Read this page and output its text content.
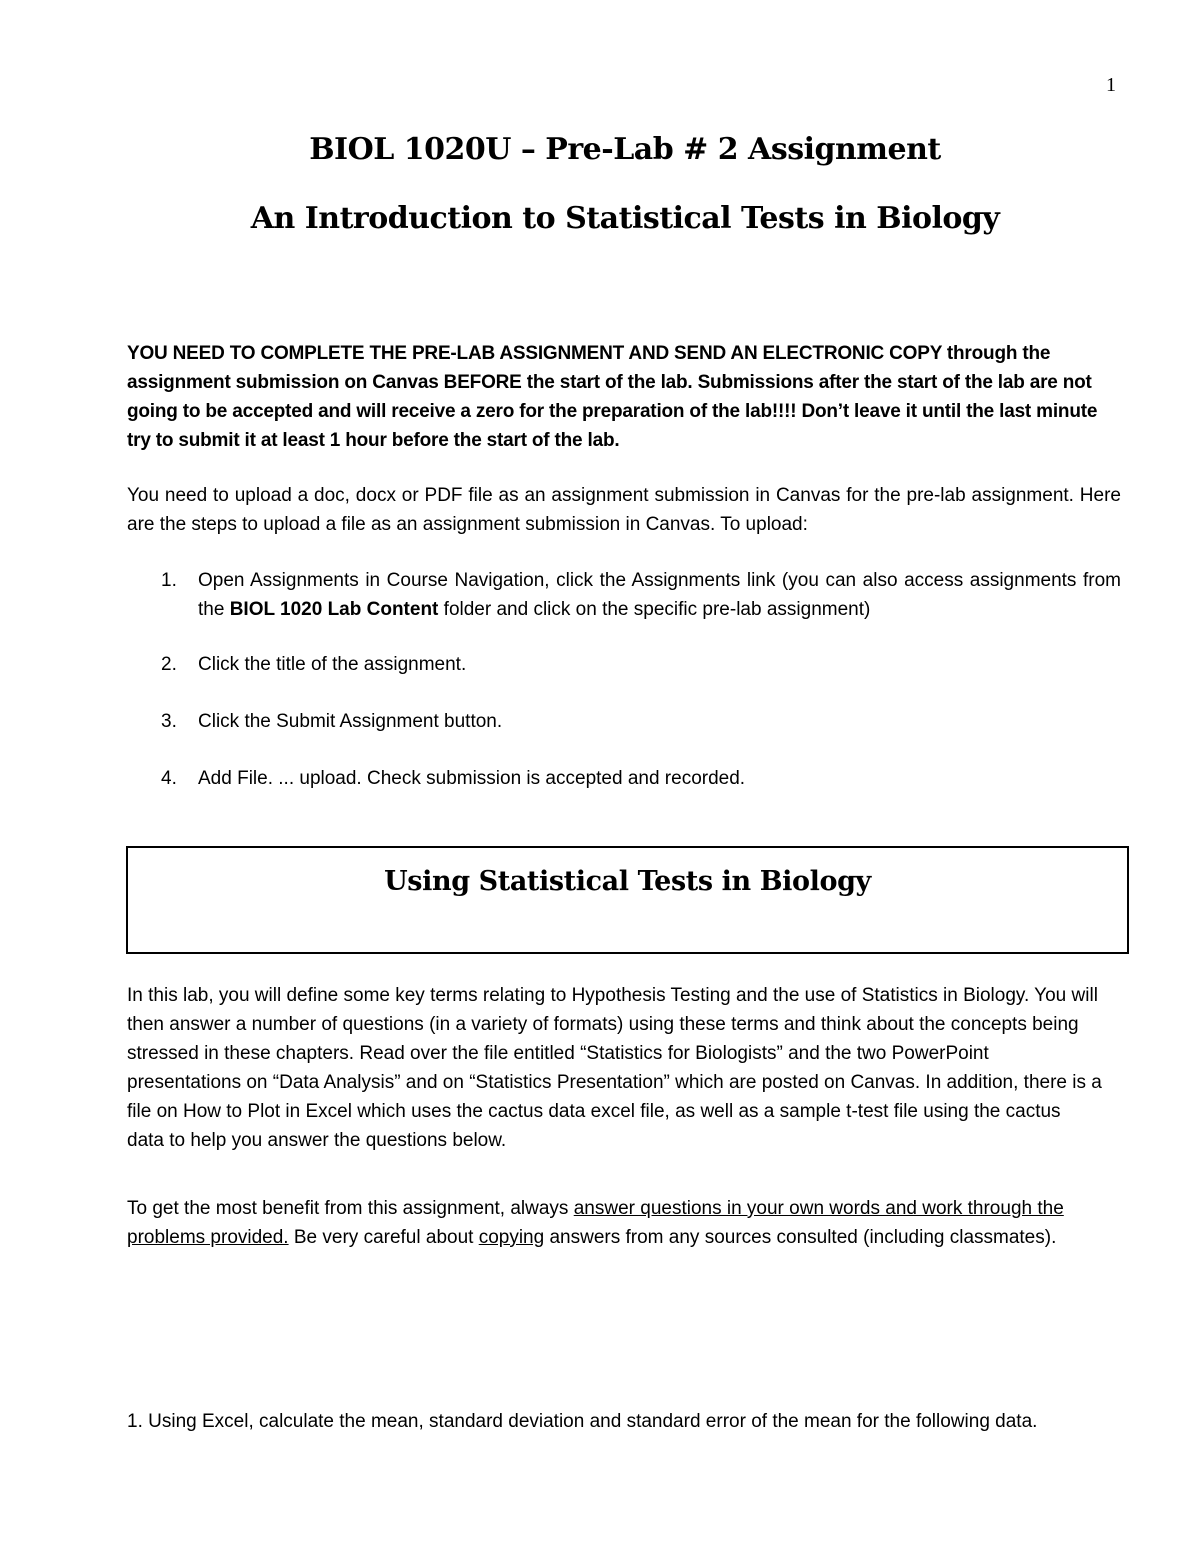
1
BIOL 1020U – Pre-Lab # 2 Assignment
An Introduction to Statistical Tests in Biology
YOU NEED TO COMPLETE THE PRE-LAB ASSIGNMENT AND SEND AN ELECTRONIC COPY through the assignment submission on Canvas BEFORE the start of the lab. Submissions after the start of the lab are not going to be accepted and will receive a zero for the preparation of the lab!!!! Don’t leave it until the last minute try to submit it at least 1 hour before the start of the lab.
You need to upload a doc, docx or PDF file as an assignment submission in Canvas for the pre-lab assignment. Here are the steps to upload a file as an assignment submission in Canvas. To upload:
1. Open Assignments in Course Navigation, click the Assignments link (you can also access assignments from the BIOL 1020 Lab Content folder and click on the specific pre-lab assignment)
2. Click the title of the assignment.
3. Click the Submit Assignment button.
4. Add File. ... upload. Check submission is accepted and recorded.
Using Statistical Tests in Biology
In this lab, you will define some key terms relating to Hypothesis Testing and the use of Statistics in Biology. You will then answer a number of questions (in a variety of formats) using these terms and think about the concepts being stressed in these chapters. Read over the file entitled “Statistics for Biologists” and the two PowerPoint presentations on “Data Analysis” and on “Statistics Presentation” which are posted on Canvas. In addition, there is a file on How to Plot in Excel which uses the cactus data excel file, as well as a sample t-test file using the cactus data to help you answer the questions below.
To get the most benefit from this assignment, always answer questions in your own words and work through the problems provided. Be very careful about copying answers from any sources consulted (including classmates).
1. Using Excel, calculate the mean, standard deviation and standard error of the mean for the following data.
